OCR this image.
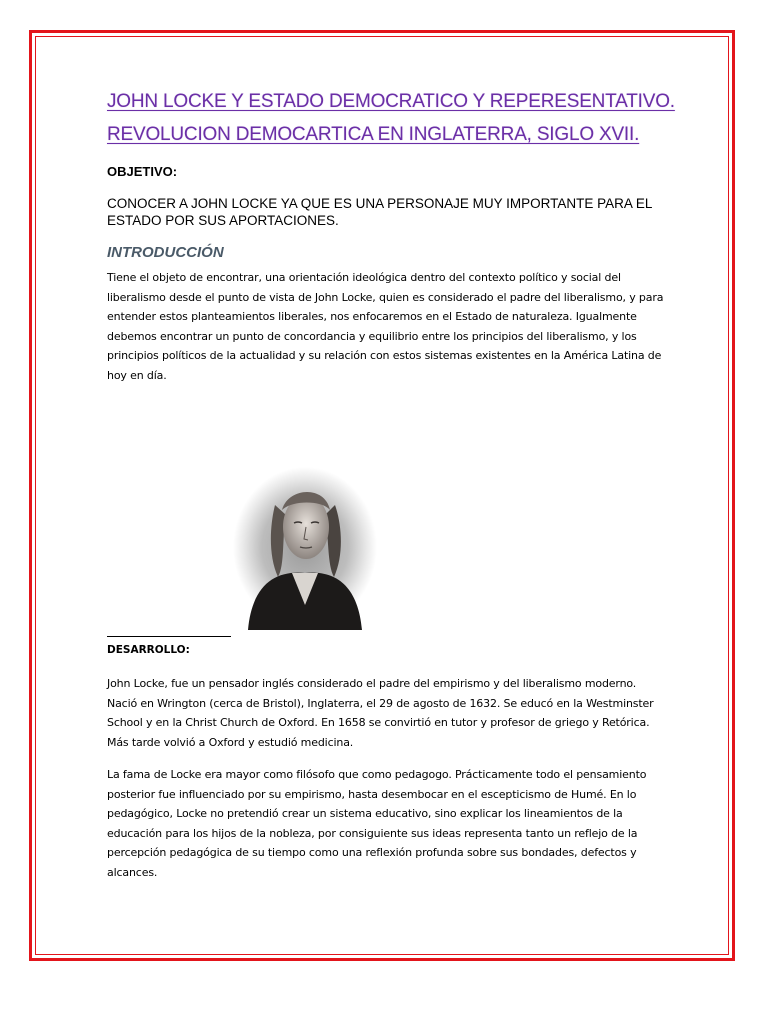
JOHN LOCKE Y ESTADO DEMOCRATICO Y REPERESENTATIVO.
REVOLUCION DEMOCARTICA EN INGLATERRA, SIGLO XVII.
OBJETIVO:
CONOCER A JOHN LOCKE YA QUE ES UNA PERSONAJE MUY IMPORTANTE PARA EL ESTADO POR SUS APORTACIONES.
INTRODUCCIÓN
Tiene el objeto de encontrar, una orientación ideológica dentro del contexto político y social del liberalismo desde el punto de vista de John Locke, quien es considerado el padre del liberalismo, y para entender estos planteamientos liberales, nos enfocaremos en el Estado de naturaleza. Igualmente debemos encontrar un punto de concordancia y equilibrio entre los principios del liberalismo, y los principios políticos de la actualidad y su relación con estos sistemas existentes en la América Latina de hoy en día.
DESARROLLO:
John Locke, fue un pensador inglés considerado el padre del empirismo y del liberalismo moderno. Nació en Wrington (cerca de Bristol), Inglaterra, el 29 de agosto de 1632. Se educó en la Westminster School y en la Christ Church de Oxford. En 1658 se convirtió en tutor y profesor de griego y Retórica. Más tarde volvió a Oxford y estudió medicina.
La fama de Locke era mayor como filósofo que como pedagogo. Prácticamente todo el pensamiento posterior fue influenciado por su empirismo, hasta desembocar en el escepticismo de Humé. En lo pedagógico, Locke no pretendió crear un sistema educativo, sino explicar los lineamientos de la educación para los hijos de la nobleza, por consiguiente sus ideas representa tanto un reflejo de la percepción pedagógica de su tiempo como una reflexión profunda sobre sus bondades, defectos y alcances.
